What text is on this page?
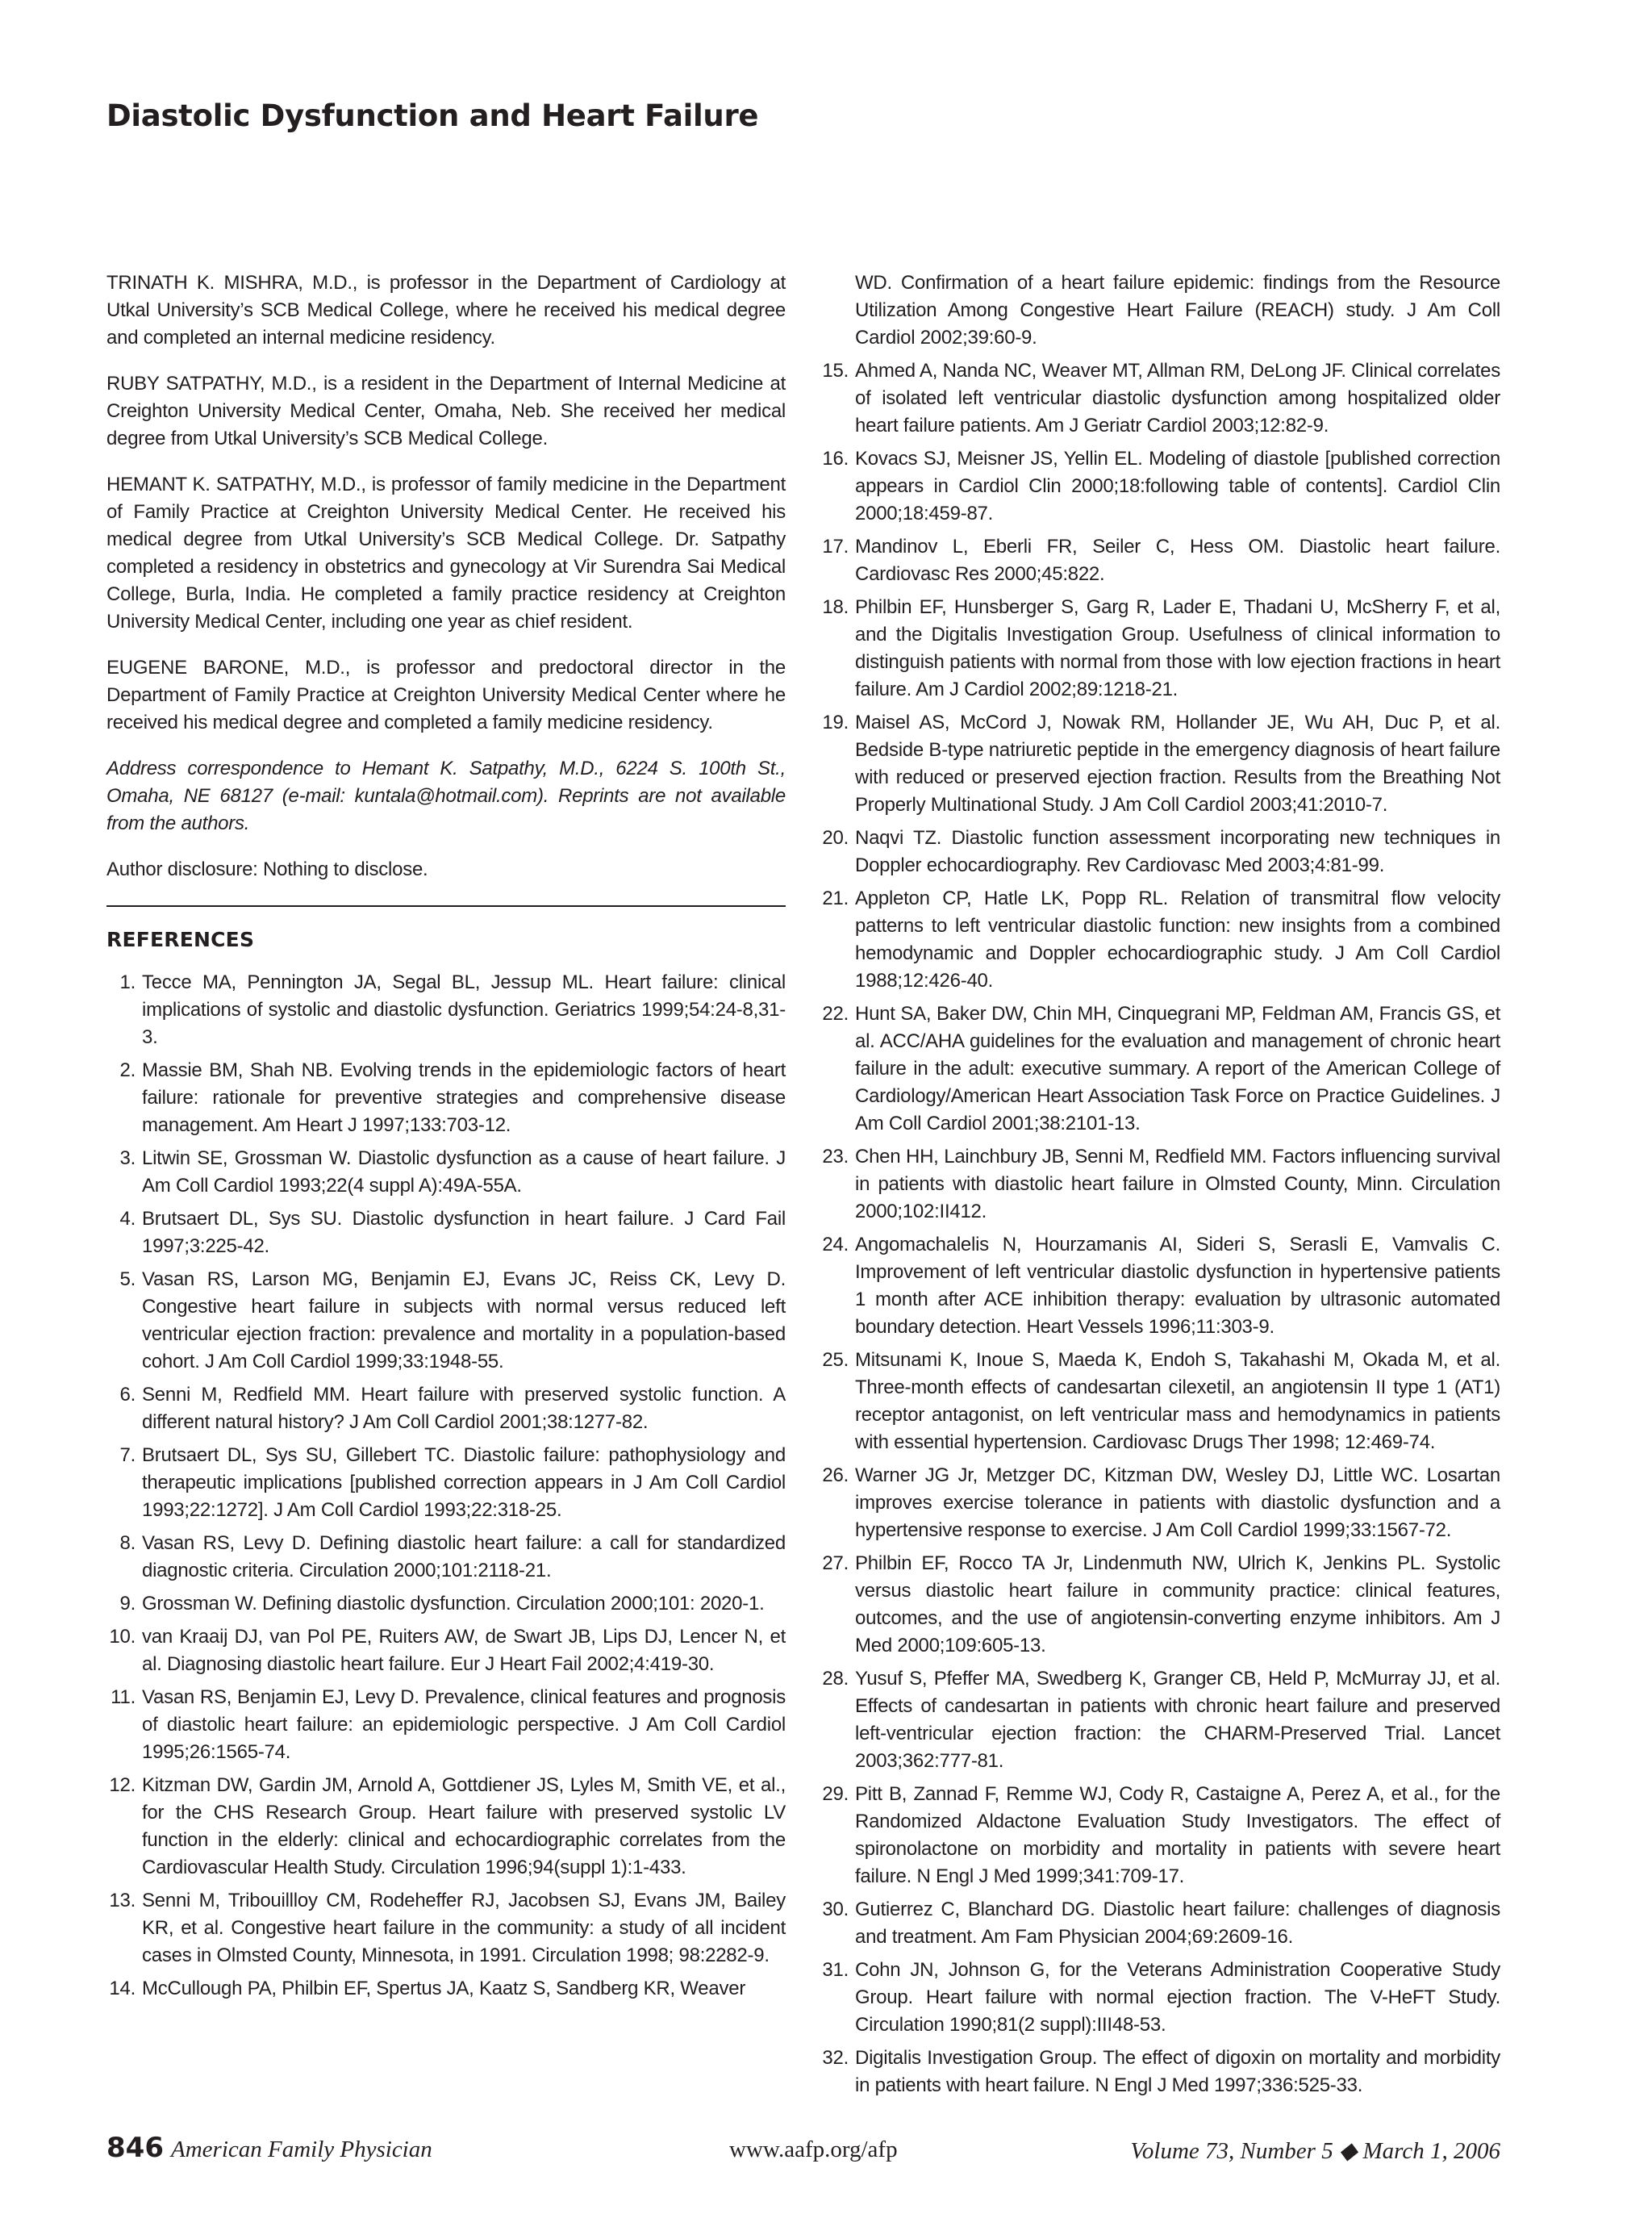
Diastolic Dysfunction and Heart Failure

TRINATH K. MISHRA, M.D., is professor in the Department of Cardiology at Utkal University’s SCB Medical College, where he received his medical degree and completed an internal medicine residency.

RUBY SATPATHY, M.D., is a resident in the Department of Internal Medicine at Creighton University Medical Center, Omaha, Neb. She received her medical degree from Utkal University’s SCB Medical College.

HEMANT K. SATPATHY, M.D., is professor of family medicine in the Department of Family Practice at Creighton University Medical Center. He received his medical degree from Utkal University’s SCB Medical College. Dr. Satpathy completed a residency in obstetrics and gynecology at Vir Surendra Sai Medical College, Burla, India. He completed a family practice residency at Creighton University Medical Center, including one year as chief resident.

EUGENE BARONE, M.D., is professor and predoctoral director in the Department of Family Practice at Creighton University Medical Center where he received his medical degree and completed a family medicine residency.

Address correspondence to Hemant K. Satpathy, M.D., 6224 S. 100th St., Omaha, NE 68127 (e-mail: kuntala@hotmail.com). Reprints are not available from the authors.

Author disclosure: Nothing to disclose.

REFERENCES
1. Tecce MA, Pennington JA, Segal BL, Jessup ML. Heart failure: clinical implications of systolic and diastolic dysfunction. Geriatrics 1999;54:24-8,31-3.
2. Massie BM, Shah NB. Evolving trends in the epidemiologic factors of heart failure: rationale for preventive strategies and comprehensive disease management. Am Heart J 1997;133:703-12.
3. Litwin SE, Grossman W. Diastolic dysfunction as a cause of heart failure. J Am Coll Cardiol 1993;22(4 suppl A):49A-55A.
4. Brutsaert DL, Sys SU. Diastolic dysfunction in heart failure. J Card Fail 1997;3:225-42.
5. Vasan RS, Larson MG, Benjamin EJ, Evans JC, Reiss CK, Levy D. Congestive heart failure in subjects with normal versus reduced left ventricular ejection fraction: prevalence and mortality in a population-based cohort. J Am Coll Cardiol 1999;33:1948-55.
6. Senni M, Redfield MM. Heart failure with preserved systolic function. A different natural history? J Am Coll Cardiol 2001;38:1277-82.
7. Brutsaert DL, Sys SU, Gillebert TC. Diastolic failure: pathophysiology and therapeutic implications [published correction appears in J Am Coll Cardiol 1993;22:1272]. J Am Coll Cardiol 1993;22:318-25.
8. Vasan RS, Levy D. Defining diastolic heart failure: a call for standardized diagnostic criteria. Circulation 2000;101:2118-21.
9. Grossman W. Defining diastolic dysfunction. Circulation 2000;101: 2020-1.
10. van Kraaij DJ, van Pol PE, Ruiters AW, de Swart JB, Lips DJ, Lencer N, et al. Diagnosing diastolic heart failure. Eur J Heart Fail 2002;4:419-30.
11. Vasan RS, Benjamin EJ, Levy D. Prevalence, clinical features and prognosis of diastolic heart failure: an epidemiologic perspective. J Am Coll Cardiol 1995;26:1565-74.
12. Kitzman DW, Gardin JM, Arnold A, Gottdiener JS, Lyles M, Smith VE, et al., for the CHS Research Group. Heart failure with preserved systolic LV function in the elderly: clinical and echocardiographic correlates from the Cardiovascular Health Study. Circulation 1996;94(suppl 1):1-433.
13. Senni M, Tribouillloy CM, Rodeheffer RJ, Jacobsen SJ, Evans JM, Bailey KR, et al. Congestive heart failure in the community: a study of all incident cases in Olmsted County, Minnesota, in 1991. Circulation 1998; 98:2282-9.
14. McCullough PA, Philbin EF, Spertus JA, Kaatz S, Sandberg KR, Weaver
WD. Confirmation of a heart failure epidemic: findings from the Resource Utilization Among Congestive Heart Failure (REACH) study. J Am Coll Cardiol 2002;39:60-9.
15. Ahmed A, Nanda NC, Weaver MT, Allman RM, DeLong JF. Clinical correlates of isolated left ventricular diastolic dysfunction among hospitalized older heart failure patients. Am J Geriatr Cardiol 2003;12:82-9.
16. Kovacs SJ, Meisner JS, Yellin EL. Modeling of diastole [published correction appears in Cardiol Clin 2000;18:following table of contents]. Cardiol Clin 2000;18:459-87.
17. Mandinov L, Eberli FR, Seiler C, Hess OM. Diastolic heart failure. Cardiovasc Res 2000;45:822.
18. Philbin EF, Hunsberger S, Garg R, Lader E, Thadani U, McSherry F, et al, and the Digitalis Investigation Group. Usefulness of clinical information to distinguish patients with normal from those with low ejection fractions in heart failure. Am J Cardiol 2002;89:1218-21.
19. Maisel AS, McCord J, Nowak RM, Hollander JE, Wu AH, Duc P, et al. Bedside B-type natriuretic peptide in the emergency diagnosis of heart failure with reduced or preserved ejection fraction. Results from the Breathing Not Properly Multinational Study. J Am Coll Cardiol 2003;41:2010-7.
20. Naqvi TZ. Diastolic function assessment incorporating new techniques in Doppler echocardiography. Rev Cardiovasc Med 2003;4:81-99.
21. Appleton CP, Hatle LK, Popp RL. Relation of transmitral flow velocity patterns to left ventricular diastolic function: new insights from a combined hemodynamic and Doppler echocardiographic study. J Am Coll Cardiol 1988;12:426-40.
22. Hunt SA, Baker DW, Chin MH, Cinquegrani MP, Feldman AM, Francis GS, et al. ACC/AHA guidelines for the evaluation and management of chronic heart failure in the adult: executive summary. A report of the American College of Cardiology/American Heart Association Task Force on Practice Guidelines. J Am Coll Cardiol 2001;38:2101-13.
23. Chen HH, Lainchbury JB, Senni M, Redfield MM. Factors influencing survival in patients with diastolic heart failure in Olmsted County, Minn. Circulation 2000;102:II412.
24. Angomachalelis N, Hourzamanis AI, Sideri S, Serasli E, Vamvalis C. Improvement of left ventricular diastolic dysfunction in hypertensive patients 1 month after ACE inhibition therapy: evaluation by ultrasonic automated boundary detection. Heart Vessels 1996;11:303-9.
25. Mitsunami K, Inoue S, Maeda K, Endoh S, Takahashi M, Okada M, et al. Three-month effects of candesartan cilexetil, an angiotensin II type 1 (AT1) receptor antagonist, on left ventricular mass and hemodynamics in patients with essential hypertension. Cardiovasc Drugs Ther 1998; 12:469-74.
26. Warner JG Jr, Metzger DC, Kitzman DW, Wesley DJ, Little WC. Losartan improves exercise tolerance in patients with diastolic dysfunction and a hypertensive response to exercise. J Am Coll Cardiol 1999;33:1567-72.
27. Philbin EF, Rocco TA Jr, Lindenmuth NW, Ulrich K, Jenkins PL. Systolic versus diastolic heart failure in community practice: clinical features, outcomes, and the use of angiotensin-converting enzyme inhibitors. Am J Med 2000;109:605-13.
28. Yusuf S, Pfeffer MA, Swedberg K, Granger CB, Held P, McMurray JJ, et al. Effects of candesartan in patients with chronic heart failure and preserved left-ventricular ejection fraction: the CHARM-Preserved Trial. Lancet 2003;362:777-81.
29. Pitt B, Zannad F, Remme WJ, Cody R, Castaigne A, Perez A, et al., for the Randomized Aldactone Evaluation Study Investigators. The effect of spironolactone on morbidity and mortality in patients with severe heart failure. N Engl J Med 1999;341:709-17.
30. Gutierrez C, Blanchard DG. Diastolic heart failure: challenges of diagnosis and treatment. Am Fam Physician 2004;69:2609-16.
31. Cohn JN, Johnson G, for the Veterans Administration Cooperative Study Group. Heart failure with normal ejection fraction. The V-HeFT Study. Circulation 1990;81(2 suppl):III48-53.
32. Digitalis Investigation Group. The effect of digoxin on mortality and morbidity in patients with heart failure. N Engl J Med 1997;336:525-33.
846 American Family Physician	www.aafp.org/afp	Volume 73, Number 5 ◆ March 1, 2006
